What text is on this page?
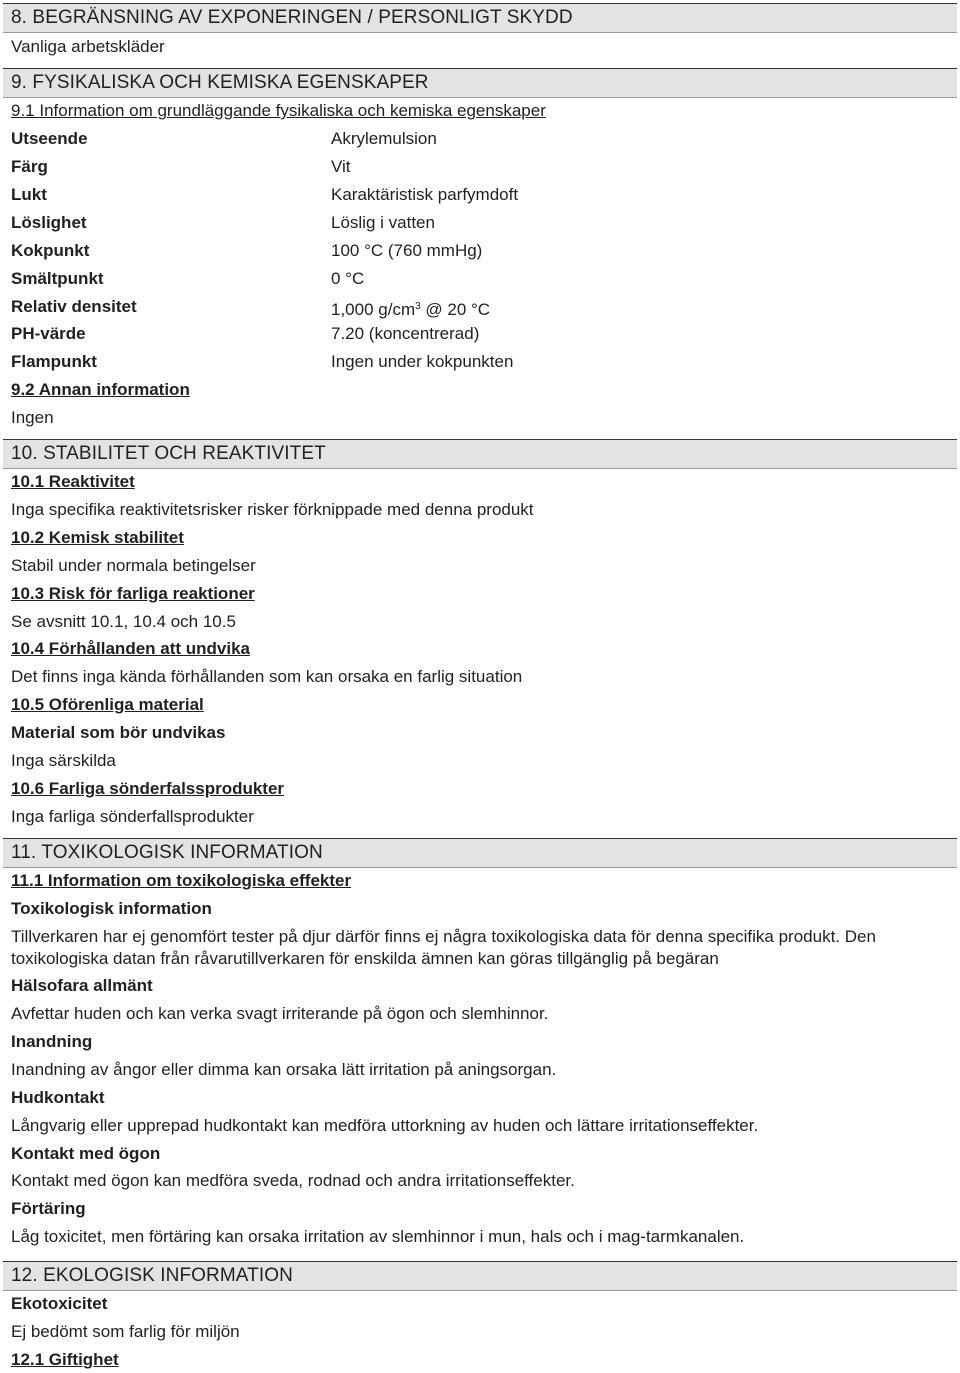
8. BEGRÄNSNING AV EXPONERINGEN / PERSONLIGT SKYDD
Vanliga arbetskläder
9. FYSIKALISKA OCH KEMISKA EGENSKAPER
9.1 Information om grundläggande fysikaliska och kemiska egenskaper
Utseende	Akrylemulsion
Färg	Vit
Lukt	Karaktäristisk parfymdoft
Löslighet	Löslig i vatten
Kokpunkt	100 °C (760 mmHg)
Smältpunkt	0 °C
Relativ densitet	1,000 $g/cm^3$ @ 20 °C
PH-värde	7.20 (koncentrerad)
Flampunkt	Ingen under kokpunkten
9.2 Annan information
Ingen
10. STABILITET OCH REAKTIVITET
10.1 Reaktivitet
Inga specifika reaktivitetsrisker risker förknippade med denna produkt
10.2 Kemisk stabilitet
Stabil under normala betingelser
10.3 Risk för farliga reaktioner
Se avsnitt 10.1, 10.4 och 10.5
10.4 Förhållanden att undvika
Det finns inga kända förhållanden som kan orsaka en farlig situation
10.5 Oförenliga material
Material som bör undvikas
Inga särskilda
10.6 Farliga sönderfalssprodukter
Inga farliga sönderfallsprodukter
11. TOXIKOLOGISK INFORMATION
11.1 Information om toxikologiska effekter
Toxikologisk information
Tillverkaren har ej genomfört tester på djur därför finns ej några toxikologiska data för denna specifika produkt. Den toxikologiska datan från råvarutillverkaren för enskilda ämnen kan göras tillgänglig på begäran
Hälsofara allmänt
Avfettar huden och kan verka svagt irriterande på ögon och slemhinnor.
Inandning
Inandning av ångor eller dimma kan orsaka lätt irritation på aningsorgan.
Hudkontakt
Långvarig eller upprepad hudkontakt kan medföra uttorkning av huden och lättare irritationseffekter.
Kontakt med ögon
Kontakt med ögon kan medföra sveda, rodnad och andra irritationseffekter.
Förtäring
Låg toxicitet, men förtäring kan orsaka irritation av slemhinnor i mun, hals och i mag-tarmkanalen.
12. EKOLOGISK INFORMATION
Ekotoxicitet
Ej bedömt som farlig för miljön
12.1 Giftighet
